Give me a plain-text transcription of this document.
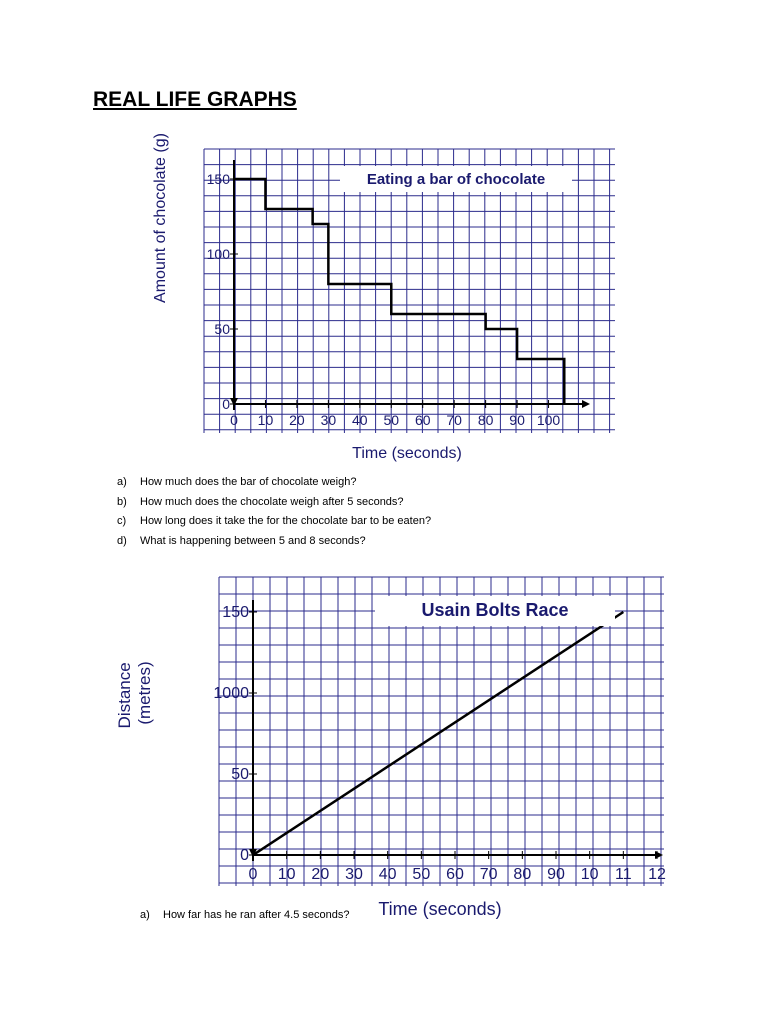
REAL LIFE GRAPHS
0 10 20 30 40 50 60 70 80 90 100
0
50
100
150	Eating a bar of chocolate
Amount of chocolate (g)
Time (seconds)
a)	How much does the bar of chocolate weigh?
b)	How much does the chocolate weigh after 5 seconds?
c)	How long does it take the for the chocolate bar to be eaten?
d)	What is happening between 5 and 8 seconds?
0 10 20 30 40 50 60 70 80 90 10 11 12
0
50
1000
150	Usain Bolts Race
Distance (metres)
Time (seconds)
a)	How far has he ran after 4.5 seconds?
